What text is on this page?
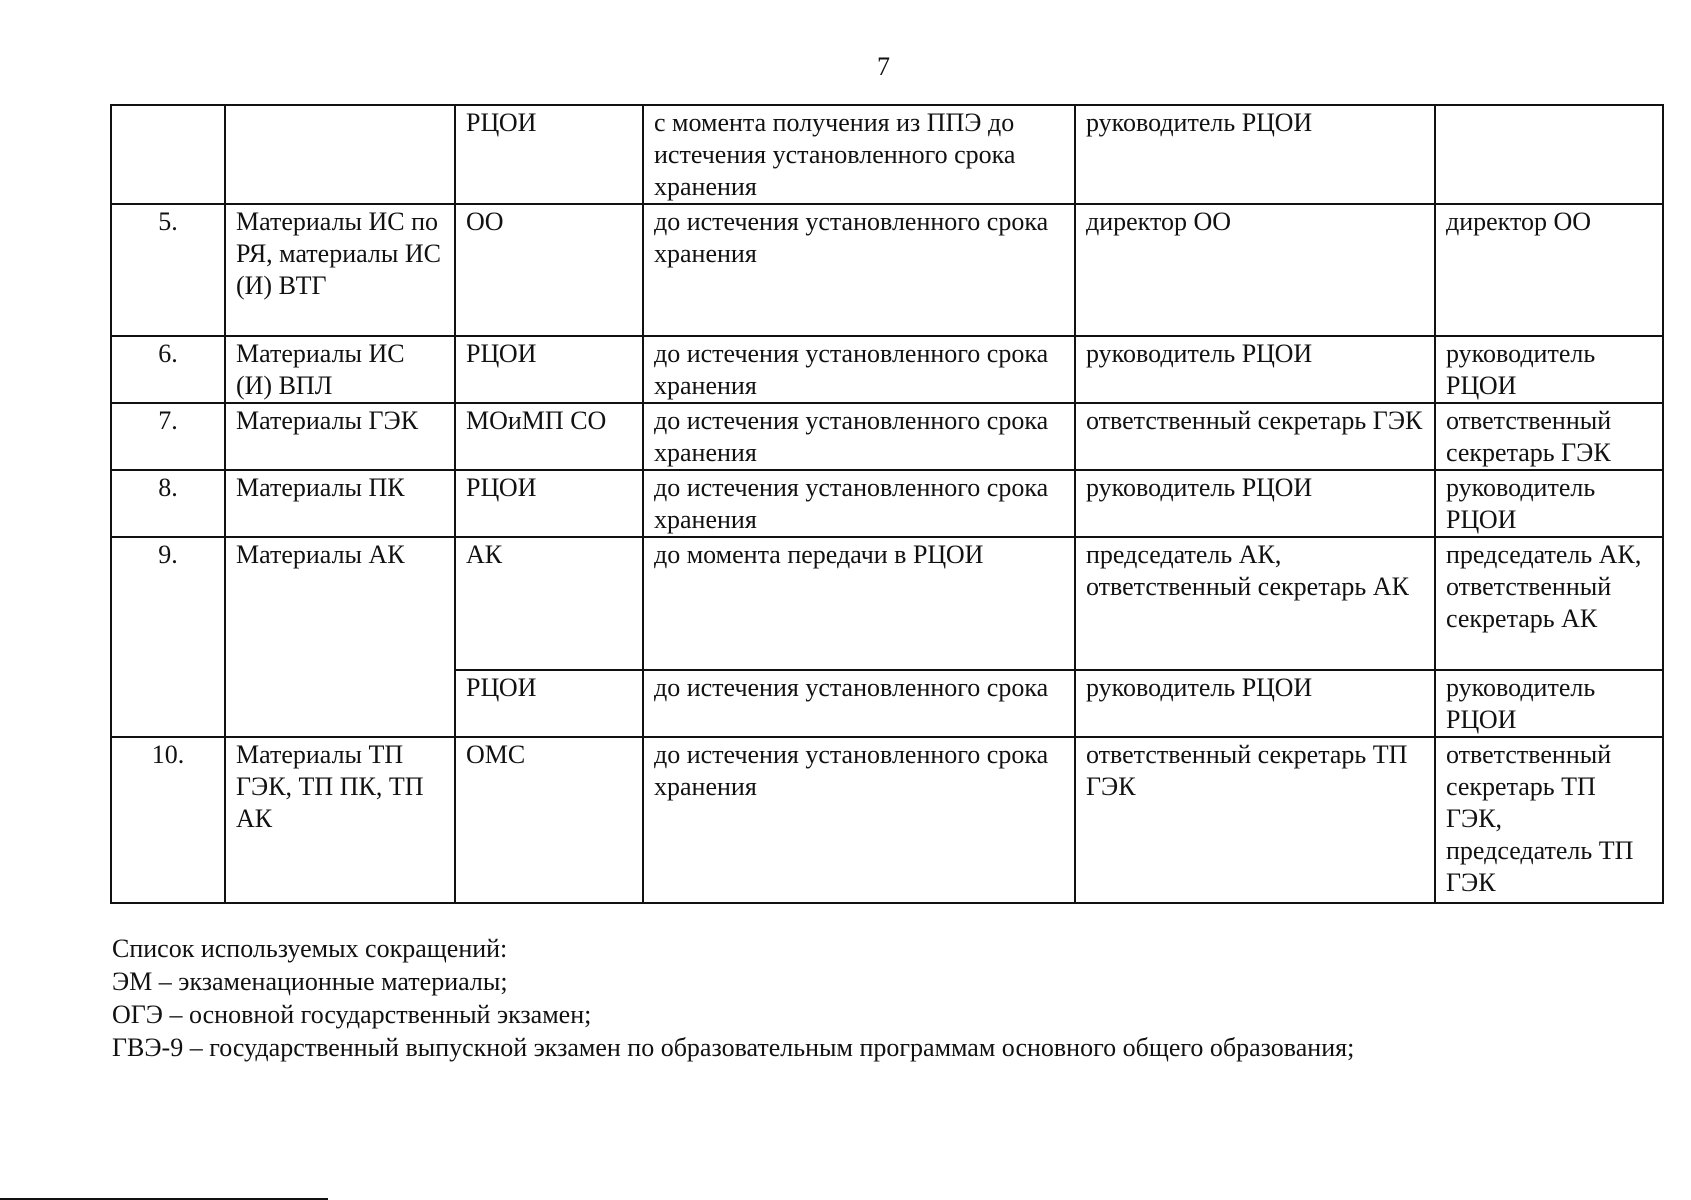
7
		РЦОИ	с момента получения из ППЭ до истечения установленного срока хранения	руководитель РЦОИ	
5.	Материалы ИС по РЯ, материалы ИС (И) ВТГ	ОО	до истечения установленного срока хранения	директор ОО	директор ОО
6.	Материалы ИС (И) ВПЛ	РЦОИ	до истечения установленного срока хранения	руководитель РЦОИ	руководитель РЦОИ
7.	Материалы ГЭК	МОиМП СО	до истечения установленного срока хранения	ответственный секретарь ГЭК	ответственный секретарь ГЭК
8.	Материалы ПК	РЦОИ	до истечения установленного срока хранения	руководитель РЦОИ	руководитель РЦОИ
9.	Материалы АК	АК	до момента передачи в РЦОИ	председатель АК, ответственный секретарь АК	председатель АК, ответственный секретарь АК
		РЦОИ	до истечения установленного срока	руководитель РЦОИ	руководитель РЦОИ
10.	Материалы ТП ГЭК, ТП ПК, ТП АК	ОМС	до истечения установленного срока хранения	ответственный секретарь ТП ГЭК	ответственный секретарь ТП ГЭК, председатель ТП ГЭК
Список используемых сокращений:
ЭМ – экзаменационные материалы;
ОГЭ – основной государственный экзамен;
ГВЭ-9 – государственный выпускной экзамен по образовательным программам основного общего образования;
